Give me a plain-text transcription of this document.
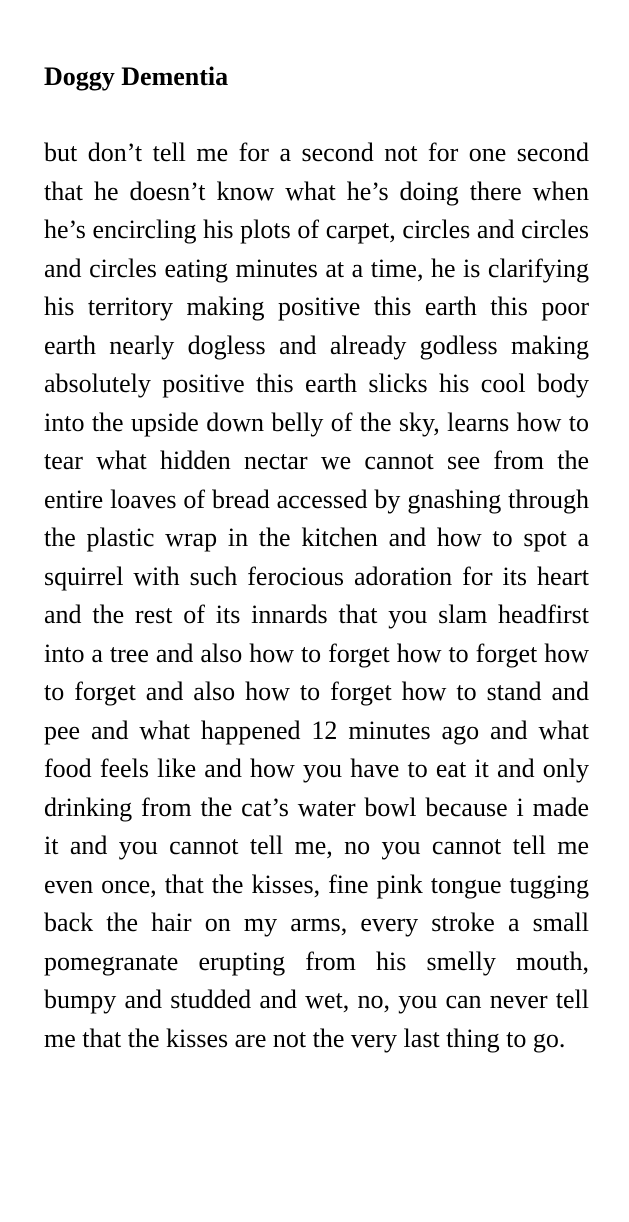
Doggy Dementia

but don’t tell me for a second not for one second that he doesn’t know what he’s doing there when he’s encircling his plots of carpet, circles and circles and circles eating minutes at a time, he is clarifying his territory making positive this earth this poor earth nearly dogless and already godless making absolutely positive this earth slicks his cool body into the upside down belly of the sky, learns how to tear what hidden nectar we cannot see from the entire loaves of bread accessed by gnashing through the plastic wrap in the kitchen and how to spot a squirrel with such ferocious adoration for its heart and the rest of its innards that you slam headfirst into a tree and also how to forget how to forget how to forget and also how to forget how to stand and pee and what happened 12 minutes ago and what food feels like and how you have to eat it and only drinking from the cat’s water bowl because i made it and you cannot tell me, no you cannot tell me even once, that the kisses, fine pink tongue tugging back the hair on my arms, every stroke a small pomegranate erupting from his smelly mouth, bumpy and studded and wet, no, you can never tell me that the kisses are not the very last thing to go.
